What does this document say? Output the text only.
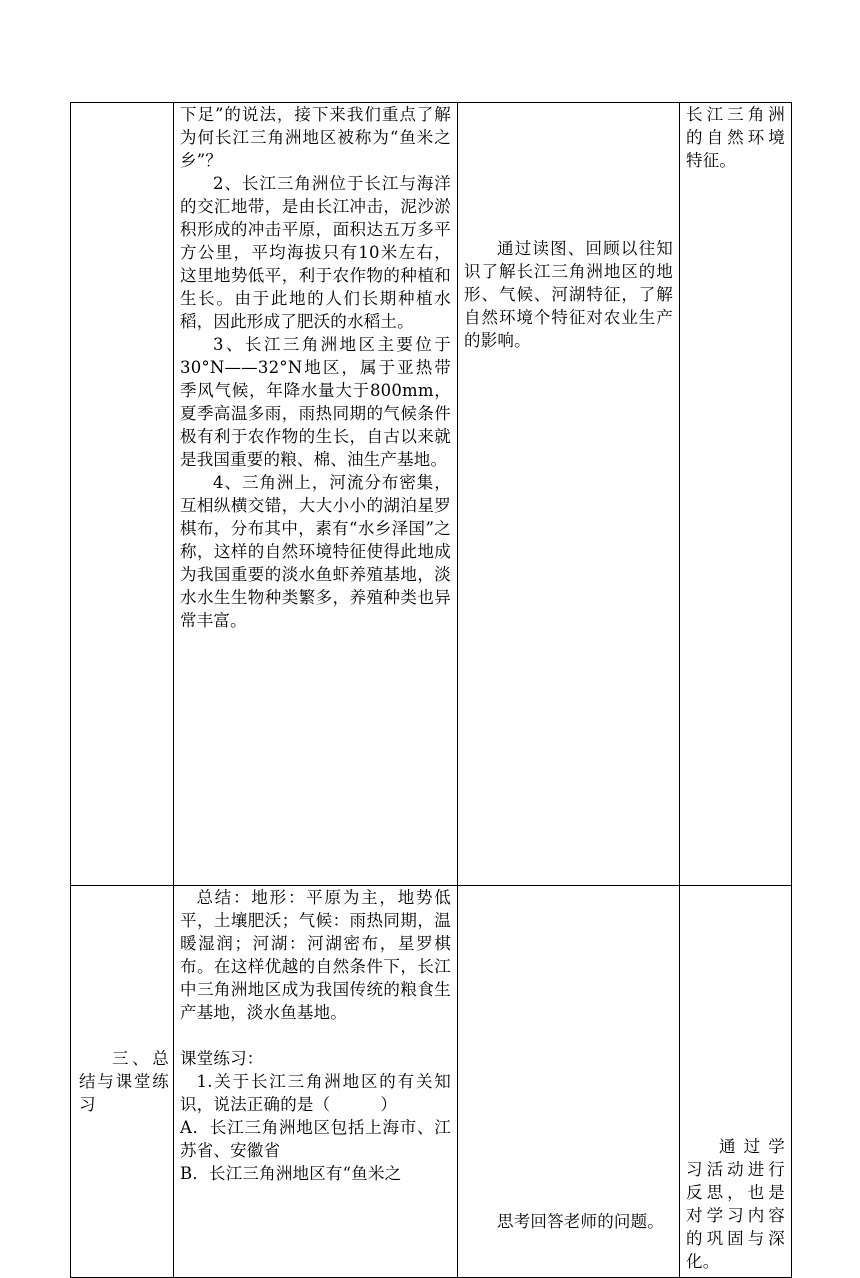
	下足”的说法，接下来我们重点了解为何长江三角洲地区被称为“鱼米之乡”？

2、长江三角洲位于长江与海洋的交汇地带，是由长江冲击，泥沙淤积形成的冲击平原，面积达五万多平方公里，平均海拔只有10米左右，这里地势低平，利于农作物的种植和生长。由于此地的人们长期种植水稻，因此形成了肥沃的水稻土。

3、长江三角洲地区主要位于30°N——32°N地区，属于亚热带季风气候，年降水量大于800mm，夏季高温多雨，雨热同期的气候条件极有利于农作物的生长，自古以来就是我国重要的粮、棉、油生产基地。

4、三角洲上，河流分布密集，互相纵横交错，大大小小的湖泊星罗棋布，分布其中，素有“水乡泽国”之称，这样的自然环境特征使得此地成为我国重要的淡水鱼虾养殖基地，淡水水生生物种类繁多，养殖种类也异常丰富。	通过读图、回顾以往知识了解长江三角洲地区的地形、气候、河湖特征，了解自然环境个特征对农业生产的影响。	长江三角洲的自然环境特征。

三、总结与课堂练习	总结：地形：平原为主，地势低平，土壤肥沃；气候：雨热同期，温暖湿润；河湖：河湖密布，星罗棋布。在这样优越的自然条件下，长江中三角洲地区成为我国传统的粮食生产基地，淡水鱼基地。

课堂练习：

1.关于长江三角洲地区的有关知识，说法正确的是（　　　）

A．长江三角洲地区包括上海市、江苏省、安徽省

B．长江三角洲地区有“鱼米之	思考回答老师的问题。	通过学习活动进行反思，也是对学习内容的巩固与深化。
